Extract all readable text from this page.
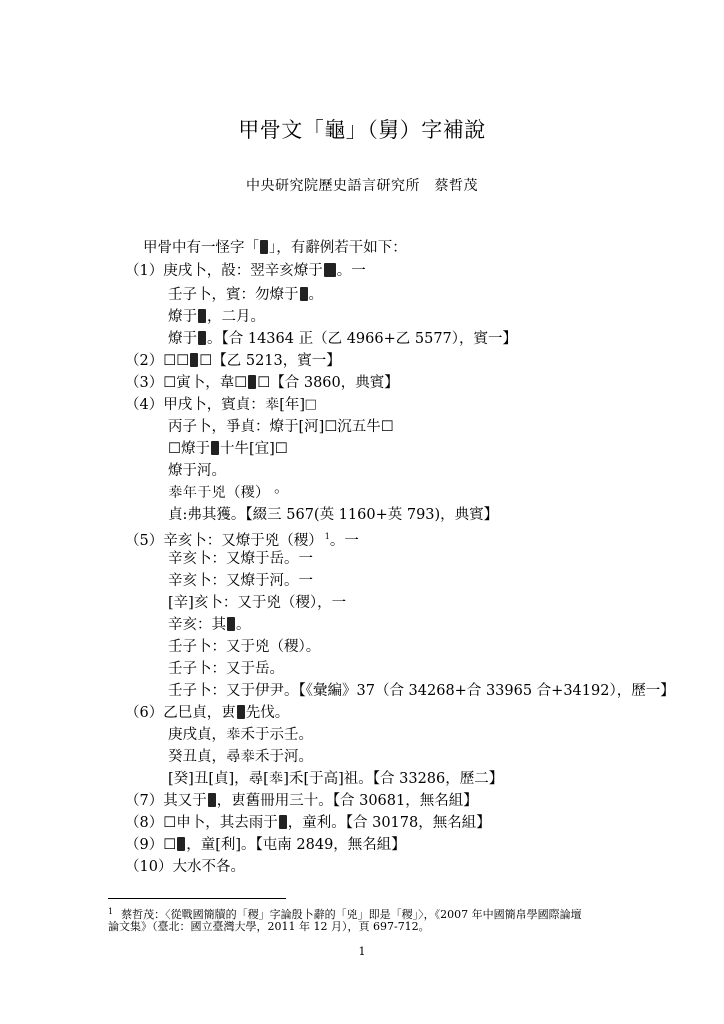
甲骨文「龜」（舅）字補說
中央研究院歷史語言研究所　蔡哲茂
甲骨中有一怪字「 」，有辭例若干如下：
（1）庚戌卜，㱿：翌辛亥燎于 。一
壬子卜，賓：勿燎于 。
燎于 ，二月。
燎于 。【合 14364 正（乙 4966+乙 5577），賓一】
（2）☐☐ ☐【乙 5213，賓一】
（3）☐寅卜，韋☐ ☐【合 3860，典賓】
（4）甲戌卜，賓貞：𠦪[年]☐
丙子卜，爭貞：燎于[河]☐沉五牛☐
☐燎于 十牛[宜]☐
燎于河。
𠦪年于兇（稷）。
貞:弗其獲。【綴三 567(英 1160+英 793)，典賓】
（5）辛亥卜：又燎于兇（稷） $^1$。一
辛亥卜：又燎于岳。一
辛亥卜：又燎于河。一
[辛]亥卜：又于兇（稷），一
辛亥：其 。
壬子卜：又于兇（稷）。
壬子卜：又于岳。
壬子卜：又于伊尹。【《彙編》37（合 34268+合 33965 合+34192），歷一】
（6）乙巳貞，叀 先伐。
庚戌貞，𠦪禾于示壬。
癸丑貞，尋𠦪禾于河。
[癸]丑[貞]，尋[𠦪]禾[于高]祖。【合 33286，歷二】
（7）其又于 ，叀舊冊用三十。【合 30681，無名組】
（8）☐申卜，其去雨于 ，童利。【合 30178，無名組】
（9）☐ ，童[利]。【屯南 2849，無名組】
（10）大水不各。
$^1$ 蔡哲茂：〈從戰國簡牘的「稷」字論殷卜辭的「兇」即是「稷」〉，《2007 年中國簡帛學國際論壇
論文集》（臺北：國立臺灣大學，2011 年 12 月），頁 697-712。
1
